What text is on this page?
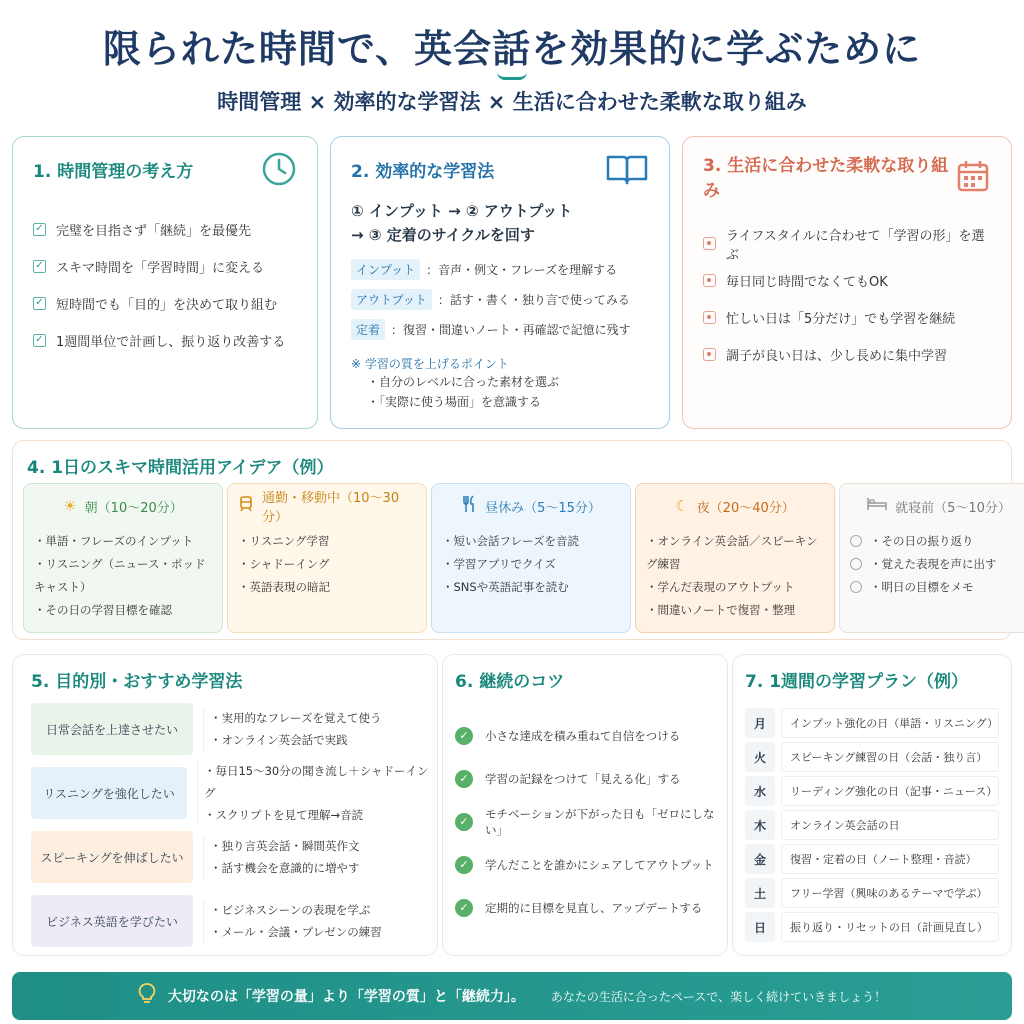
限られた時間で、英会話を効果的に学ぶために
時間管理 × 効率的な学習法 × 生活に合わせた柔軟な取り組み
1. 時間管理の考え方
✓ 完璧を目指さず「継続」を最優先
✓ スキマ時間を「学習時間」に変える
✓ 短時間でも「目的」を決めて取り組む
✓ 1週間単位で計画し、振り返り改善する
2. 効率的な学習法
① インプット → ② アウトプット
→ ③ 定着のサイクルを回す
インプット ：音声・例文・フレーズを理解する
アウトプット ：話す・書く・独り言で使ってみる
定着 ：復習・間違いノート・再確認で記憶に残す
※ 学習の質を上げるポイント
・自分のレベルに合った素材を選ぶ
・「実際に使う場面」を意識する
3. 生活に合わせた柔軟な取り組み
ライフスタイルに合わせて「学習の形」を選ぶ
毎日同じ時間でなくてもOK
忙しい日は「5分だけ」でも学習を継続
調子が良い日は、少し長めに集中学習
4. 1日のスキマ時間活用アイデア（例）
☀ 朝（10〜20分）
・単語・フレーズのインプット
・リスニング（ニュース・ポッドキャスト）
・その日の学習目標を確認
通勤・移動中（10〜30分）
・リスニング学習
・シャドーイング
・英語表現の暗記
昼休み（5〜15分）
・短い会話フレーズを音読
・学習アプリでクイズ
・SNSや英語記事を読む
☾ 夜（20〜40分）
・オンライン英会話／スピーキング練習
・学んだ表現のアウトプット
・間違いノートで復習・整理
就寝前（5〜10分）
・その日の振り返り
・覚えた表現を声に出す
・明日の目標をメモ
5. 目的別・おすすめ学習法
日常会話を上達させたい
・実用的なフレーズを覚えて使う
・オンライン英会話で実践
リスニングを強化したい
・毎日15〜30分の聞き流し＋シャドーイング
・スクリプトを見て理解→音読
スピーキングを伸ばしたい
・独り言英会話・瞬間英作文
・話す機会を意識的に増やす
ビジネス英語を学びたい
・ビジネスシーンの表現を学ぶ
・メール・会議・プレゼンの練習
6. 継続のコツ
✓	小さな達成を積み重ねて自信をつける
✓	学習の記録をつけて「見える化」する
✓
モチベーションが下がった日も「ゼロにしない」
✓	学んだことを誰かにシェアしてアウトプット
✓	定期的に目標を見直し、アップデートする
7. 1週間の学習プラン（例）
月	インプット強化の日（単語・リスニング）
火	スピーキング練習の日（会話・独り言）
水	リーディング強化の日（記事・ニュース）
木	オンライン英会話の日
金	復習・定着の日（ノート整理・音読）
土	フリー学習（興味のあるテーマで学ぶ）
日	振り返り・リセットの日（計画見直し）
大切なのは「学習の量」より「学習の質」と「継続力」。 あなたの生活に合ったペースで、楽しく続けていきましょう！
